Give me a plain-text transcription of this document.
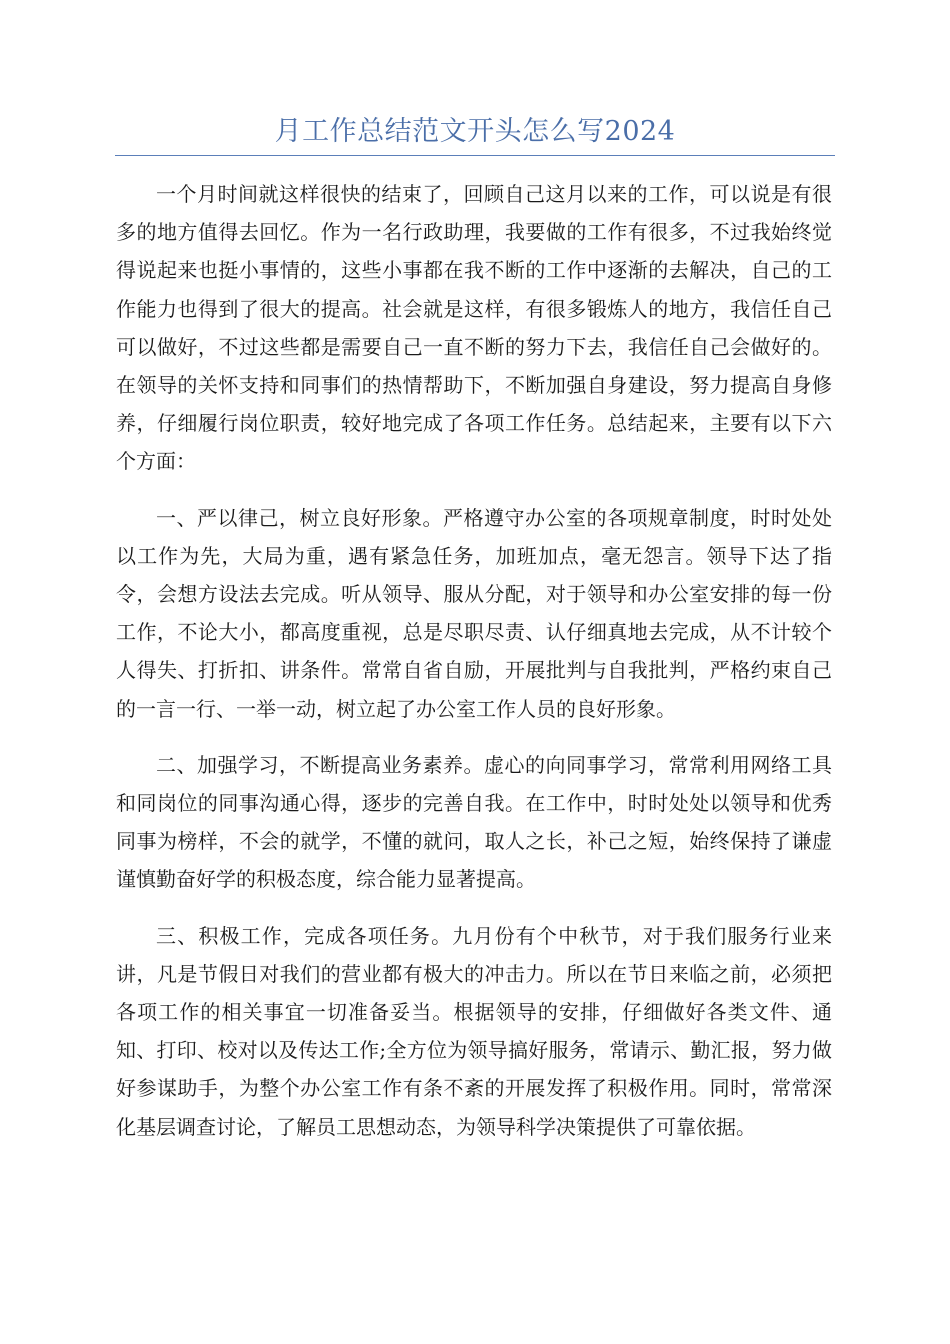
月工作总结范文开头怎么写2024

一个月时间就这样很快的结束了，回顾自己这月以来的工作，可以说是有很多的地方值得去回忆。作为一名行政助理，我要做的工作有很多，不过我始终觉得说起来也挺小事情的，这些小事都在我不断的工作中逐渐的去解决，自己的工作能力也得到了很大的提高。社会就是这样，有很多锻炼人的地方，我信任自己可以做好，不过这些都是需要自己一直不断的努力下去，我信任自己会做好的。在领导的关怀支持和同事们的热情帮助下，不断加强自身建设，努力提高自身修养，仔细履行岗位职责，较好地完成了各项工作任务。总结起来，主要有以下六个方面：

一、严以律己，树立良好形象。严格遵守办公室的各项规章制度，时时处处以工作为先，大局为重，遇有紧急任务，加班加点，毫无怨言。领导下达了指令，会想方设法去完成。听从领导、服从分配，对于领导和办公室安排的每一份工作，不论大小，都高度重视，总是尽职尽责、认仔细真地去完成，从不计较个人得失、打折扣、讲条件。常常自省自励，开展批判与自我批判，严格约束自己的一言一行、一举一动，树立起了办公室工作人员的良好形象。

二、加强学习，不断提高业务素养。虚心的向同事学习，常常利用网络工具和同岗位的同事沟通心得，逐步的完善自我。在工作中，时时处处以领导和优秀同事为榜样，不会的就学，不懂的就问，取人之长，补己之短，始终保持了谦虚谨慎勤奋好学的积极态度，综合能力显著提高。

三、积极工作，完成各项任务。九月份有个中秋节，对于我们服务行业来讲，凡是节假日对我们的营业都有极大的冲击力。所以在节日来临之前，必须把各项工作的相关事宜一切准备妥当。根据领导的安排，仔细做好各类文件、通知、打印、校对以及传达工作;全方位为领导搞好服务，常请示、勤汇报，努力做好参谋助手，为整个办公室工作有条不紊的开展发挥了积极作用。同时，常常深化基层调查讨论，了解员工思想动态，为领导科学决策提供了可靠依据。
